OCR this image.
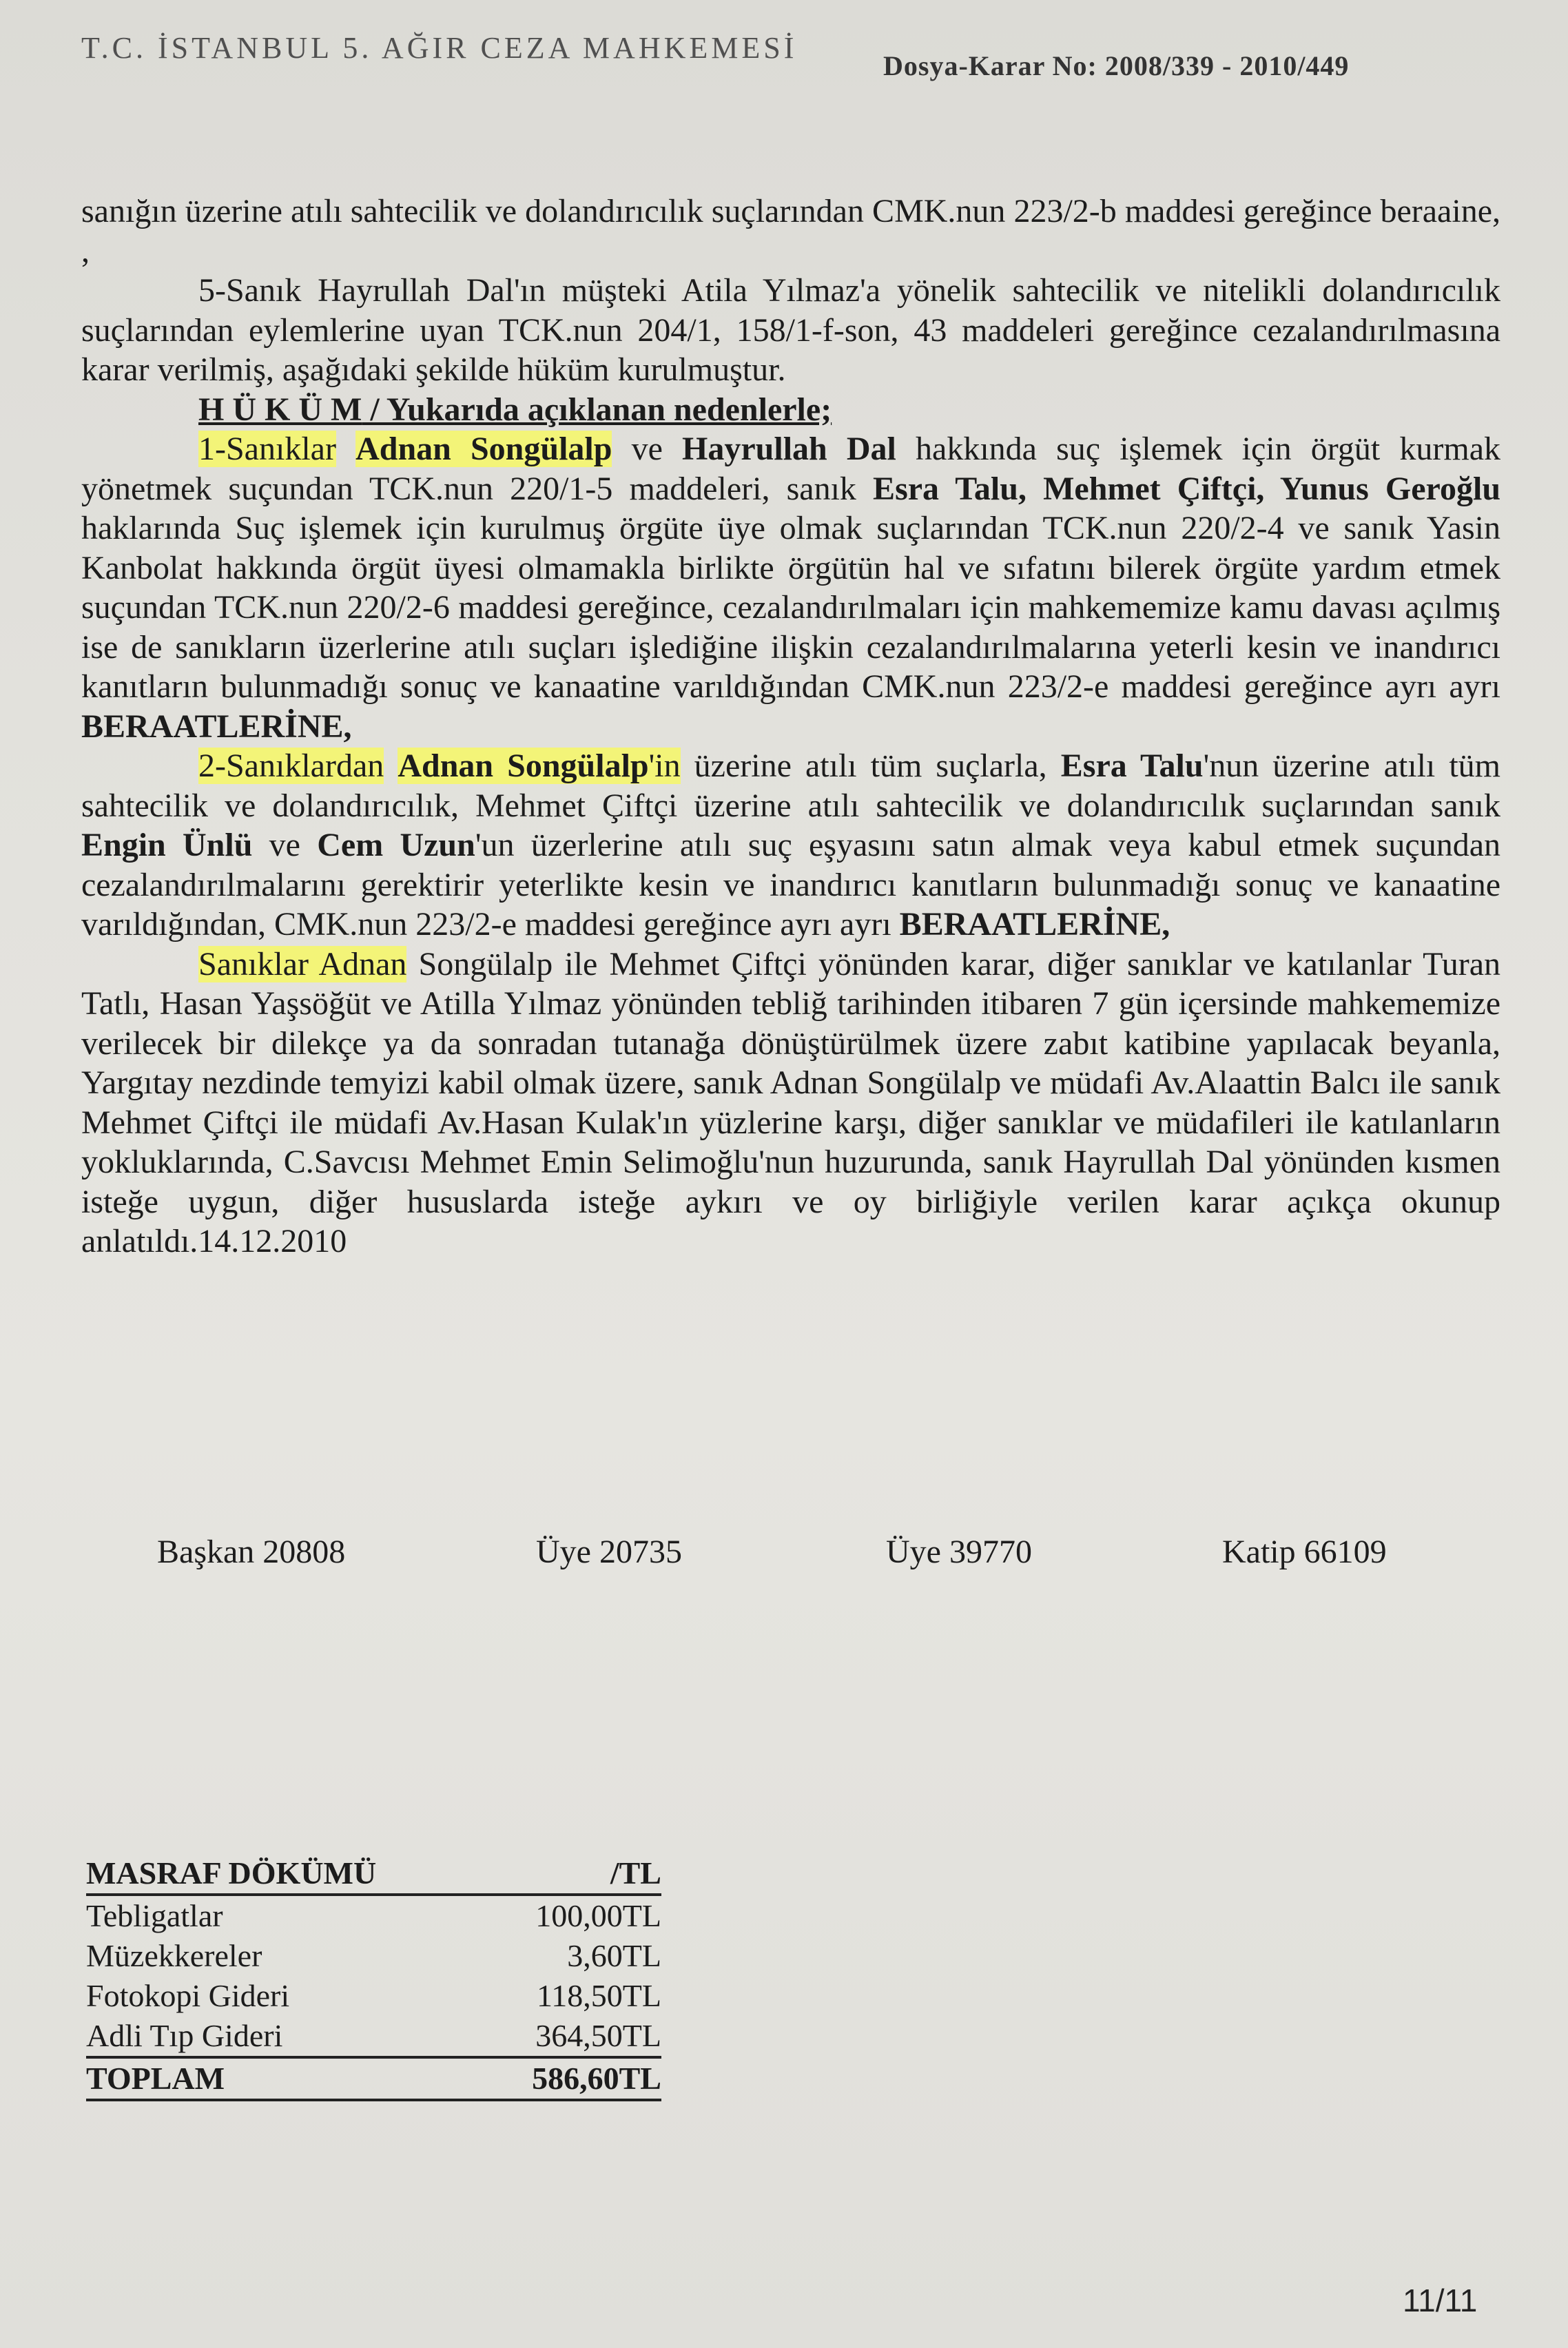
T.C. İSTANBUL 5. AĞIR CEZA MAHKEMESİ
Dosya-Karar No: 2008/339 - 2010/449

sanığın üzerine atılı sahtecilik ve dolandırıcılık suçlarından CMK.nun 223/2-b maddesi gereğince beraaine, ,

5-Sanık Hayrullah Dal'ın müşteki Atila Yılmaz'a yönelik sahtecilik ve nitelikli dolandırıcılık suçlarından eylemlerine uyan TCK.nun 204/1, 158/1-f-son, 43 maddeleri gereğince cezalandırılmasına karar verilmiş, aşağıdaki şekilde hüküm kurulmuştur.

H Ü K Ü M / Yukarıda açıklanan nedenlerle;

1-Sanıklar Adnan Songülalp ve Hayrullah Dal hakkında suç işlemek için örgüt kurmak yönetmek suçundan TCK.nun 220/1-5 maddeleri, sanık Esra Talu, Mehmet Çiftçi, Yunus Geroğlu haklarında Suç işlemek için kurulmuş örgüte üye olmak suçlarından TCK.nun 220/2-4 ve sanık Yasin Kanbolat hakkında örgüt üyesi olmamakla birlikte örgütün hal ve sıfatını bilerek örgüte yardım etmek suçundan TCK.nun 220/2-6 maddesi gereğince, cezalandırılmaları için mahkememize kamu davası açılmış ise de sanıkların üzerlerine atılı suçları işlediğine ilişkin cezalandırılmalarına yeterli kesin ve inandırıcı kanıtların bulunmadığı sonuç ve kanaatine varıldığından CMK.nun 223/2-e maddesi gereğince ayrı ayrı BERAATLERİNE,

2-Sanıklardan Adnan Songülalp'in üzerine atılı tüm suçlarla, Esra Talu'nun üzerine atılı tüm sahtecilik ve dolandırıcılık, Mehmet Çiftçi üzerine atılı sahtecilik ve dolandırıcılık suçlarından sanık Engin Ünlü ve Cem Uzun'un üzerlerine atılı suç eşyasını satın almak veya kabul etmek suçundan cezalandırılmalarını gerektirir yeterlikte kesin ve inandırıcı kanıtların bulunmadığı sonuç ve kanaatine varıldığından, CMK.nun 223/2-e maddesi gereğince ayrı ayrı BERAATLERİNE,

Sanıklar Adnan Songülalp ile Mehmet Çiftçi yönünden karar, diğer sanıklar ve katılanlar Turan Tatlı, Hasan Yaşsöğüt ve Atilla Yılmaz yönünden tebliğ tarihinden itibaren 7 gün içersinde mahkememize verilecek bir dilekçe ya da sonradan tutanağa dönüştürülmek üzere zabıt katibine yapılacak beyanla, Yargıtay nezdinde temyizi kabil olmak üzere, sanık Adnan Songülalp ve müdafi Av.Alaattin Balcı ile sanık Mehmet Çiftçi ile müdafi Av.Hasan Kulak'ın yüzlerine karşı, diğer sanıklar ve müdafileri ile katılanların yokluklarında, C.Savcısı Mehmet Emin Selimoğlu'nun huzurunda, sanık Hayrullah Dal yönünden kısmen isteğe uygun, diğer hususlarda isteğe aykırı ve oy birliğiyle verilen karar açıkça okunup anlatıldı.14.12.2010

Başkan 20808	Üye 20735	Üye 39770	Katip 66109
MASRAF DÖKÜMÜ	/TL
Tebligatlar	100,00TL
Müzekkereler	3,60TL
Fotokopi Gideri	118,50TL
Adli Tıp Gideri	364,50TL
TOPLAM	586,60TL
11/11
